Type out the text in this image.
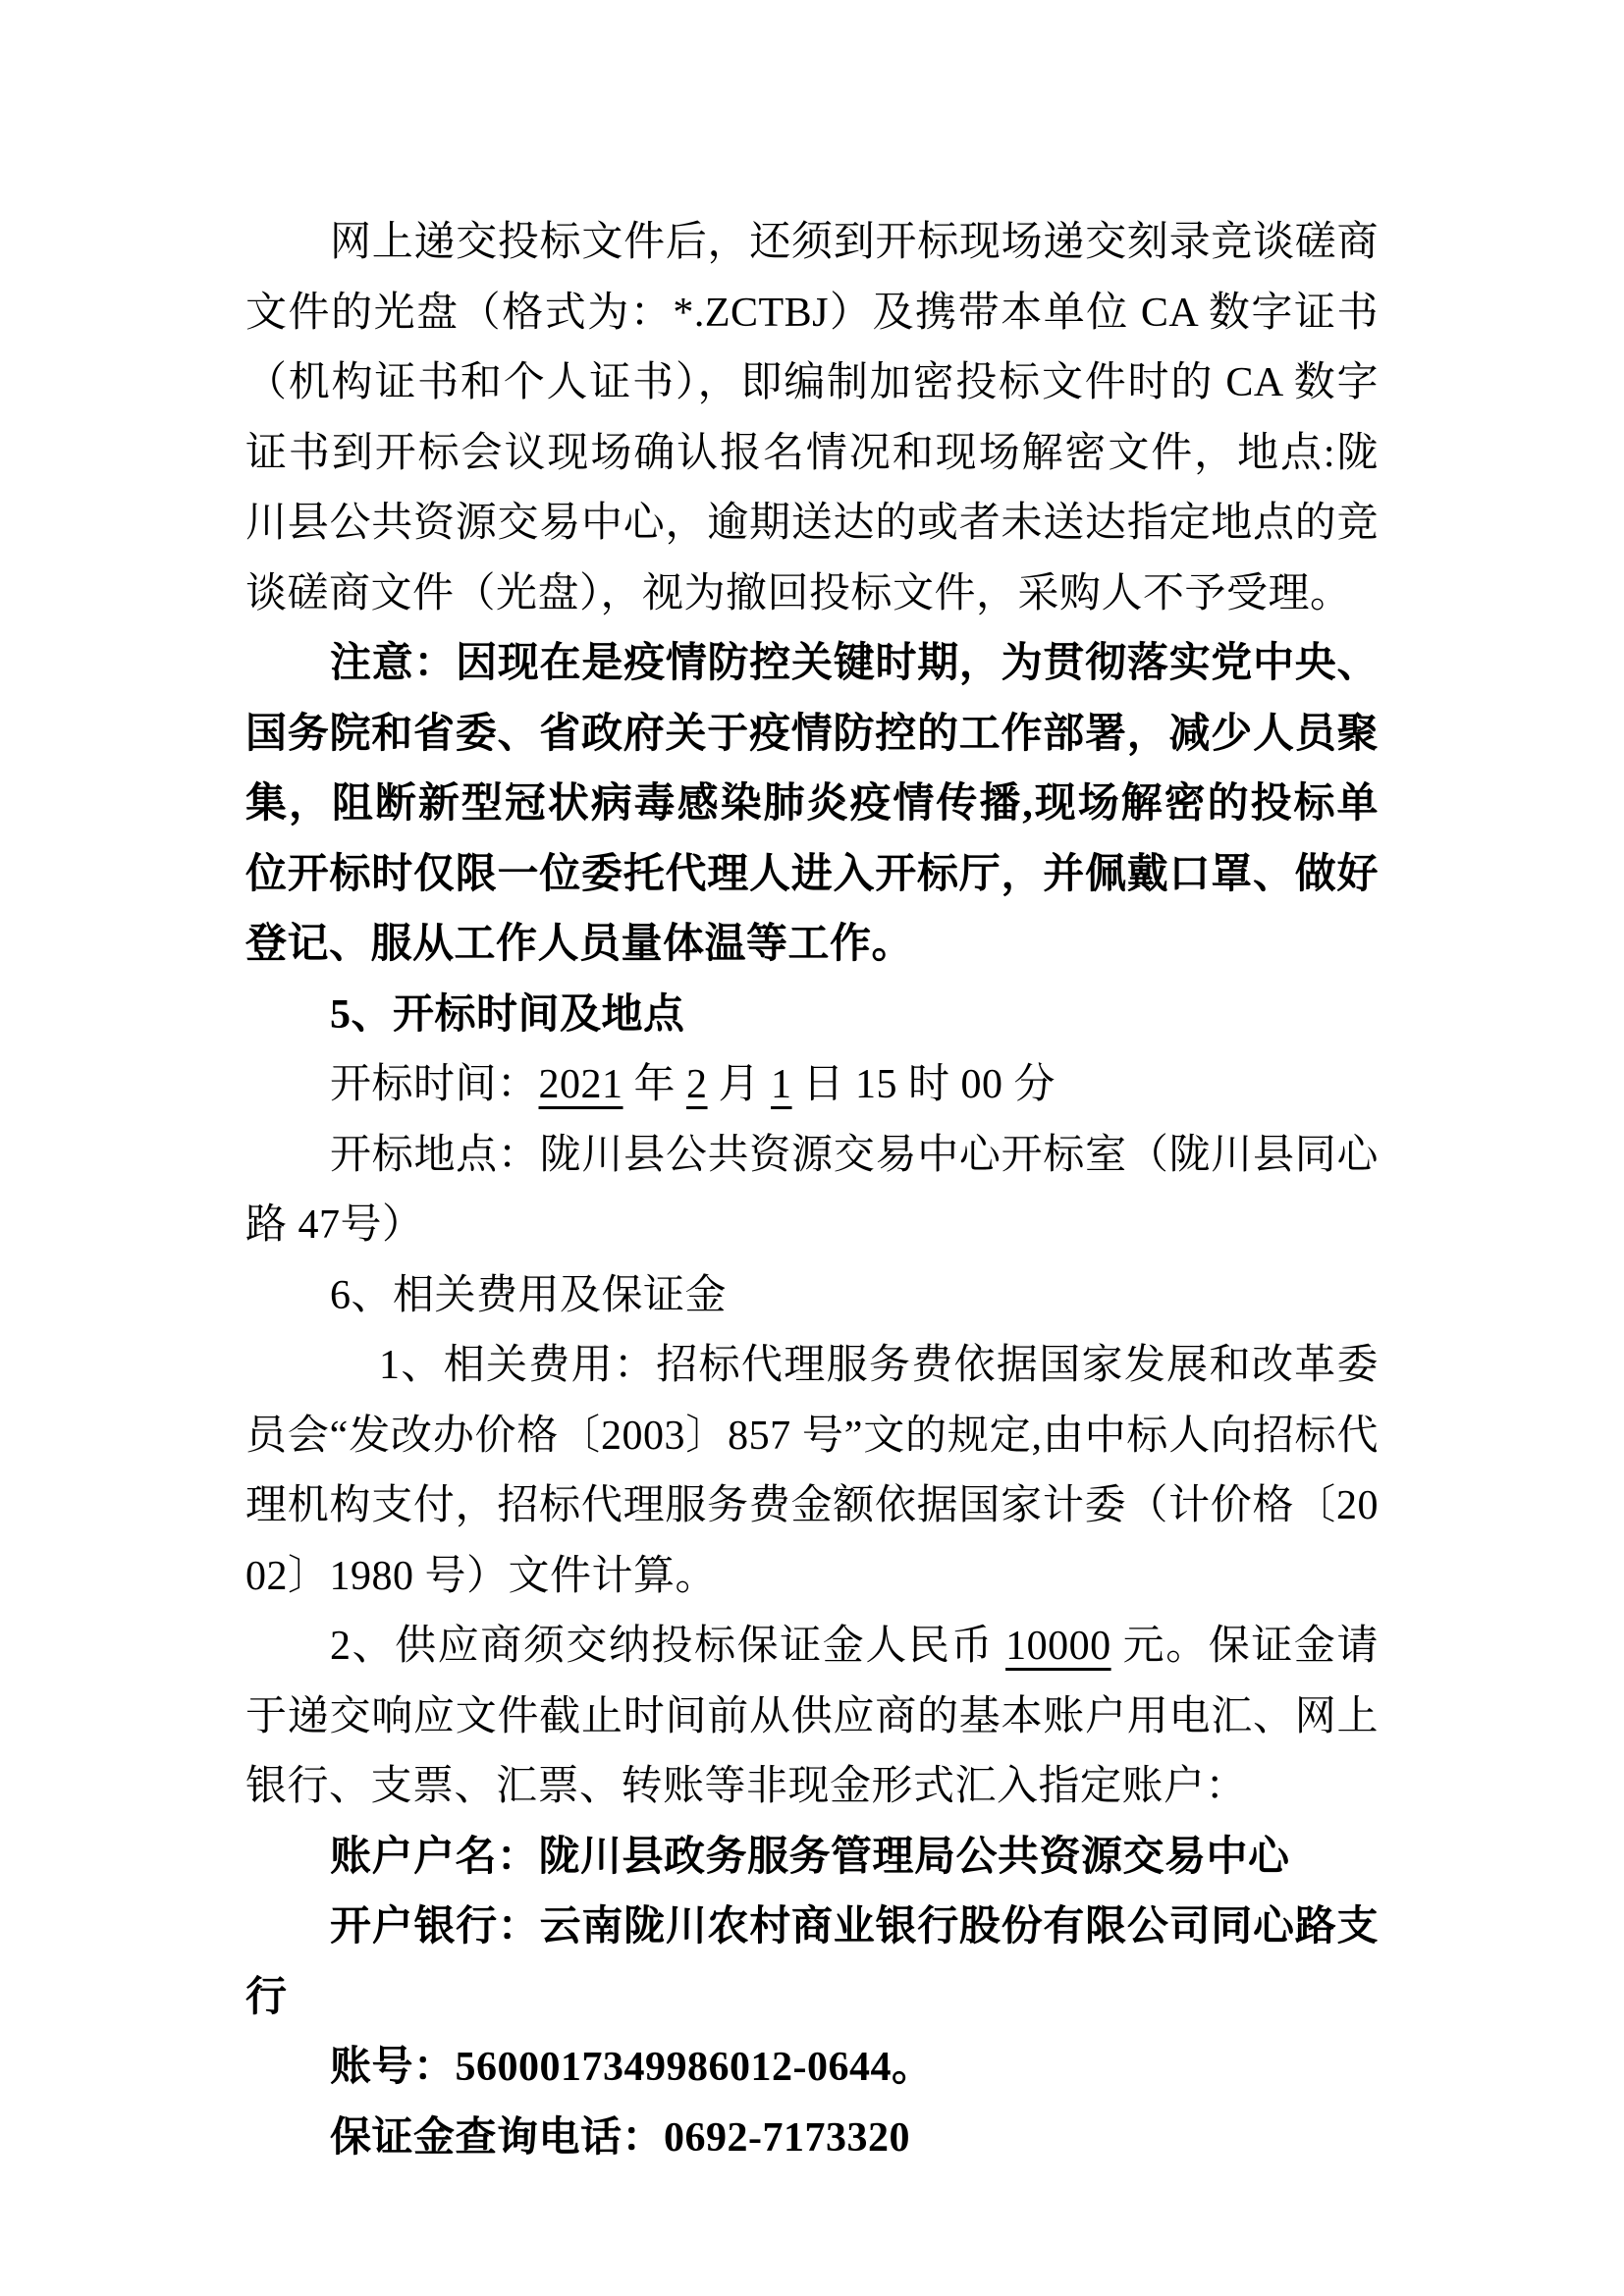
网上递交投标文件后，还须到开标现场递交刻录竞谈磋商文件的光盘（格式为：*.ZCTBJ）及携带本单位 CA 数字证书（机构证书和个人证书），即编制加密投标文件时的 CA 数字证书到开标会议现场确认报名情况和现场解密文件，地点:陇川县公共资源交易中心，逾期送达的或者未送达指定地点的竞谈磋商文件（光盘），视为撤回投标文件，采购人不予受理。

注意：因现在是疫情防控关键时期，为贯彻落实党中央、国务院和省委、省政府关于疫情防控的工作部署，减少人员聚集，阻断新型冠状病毒感染肺炎疫情传播,现场解密的投标单位开标时仅限一位委托代理人进入开标厅，并佩戴口罩、做好登记、服从工作人员量体温等工作。

5、开标时间及地点

开标时间：2021 年 2 月 1 日 15 时 00 分

开标地点：陇川县公共资源交易中心开标室（陇川县同心路 47号）

6、相关费用及保证金

1、相关费用：招标代理服务费依据国家发展和改革委员会“发改办价格〔2003〕857 号”文的规定,由中标人向招标代理机构支付，招标代理服务费金额依据国家计委（计价格〔2002〕1980 号）文件计算。

2、供应商须交纳投标保证金人民币 10000 元。保证金请于递交响应文件截止时间前从供应商的基本账户用电汇、网上银行、支票、汇票、转账等非现金形式汇入指定账户：

账户户名：陇川县政务服务管理局公共资源交易中心

开户银行：云南陇川农村商业银行股份有限公司同心路支行

账号：5600017349986012-0644。

保证金查询电话：0692-7173320
